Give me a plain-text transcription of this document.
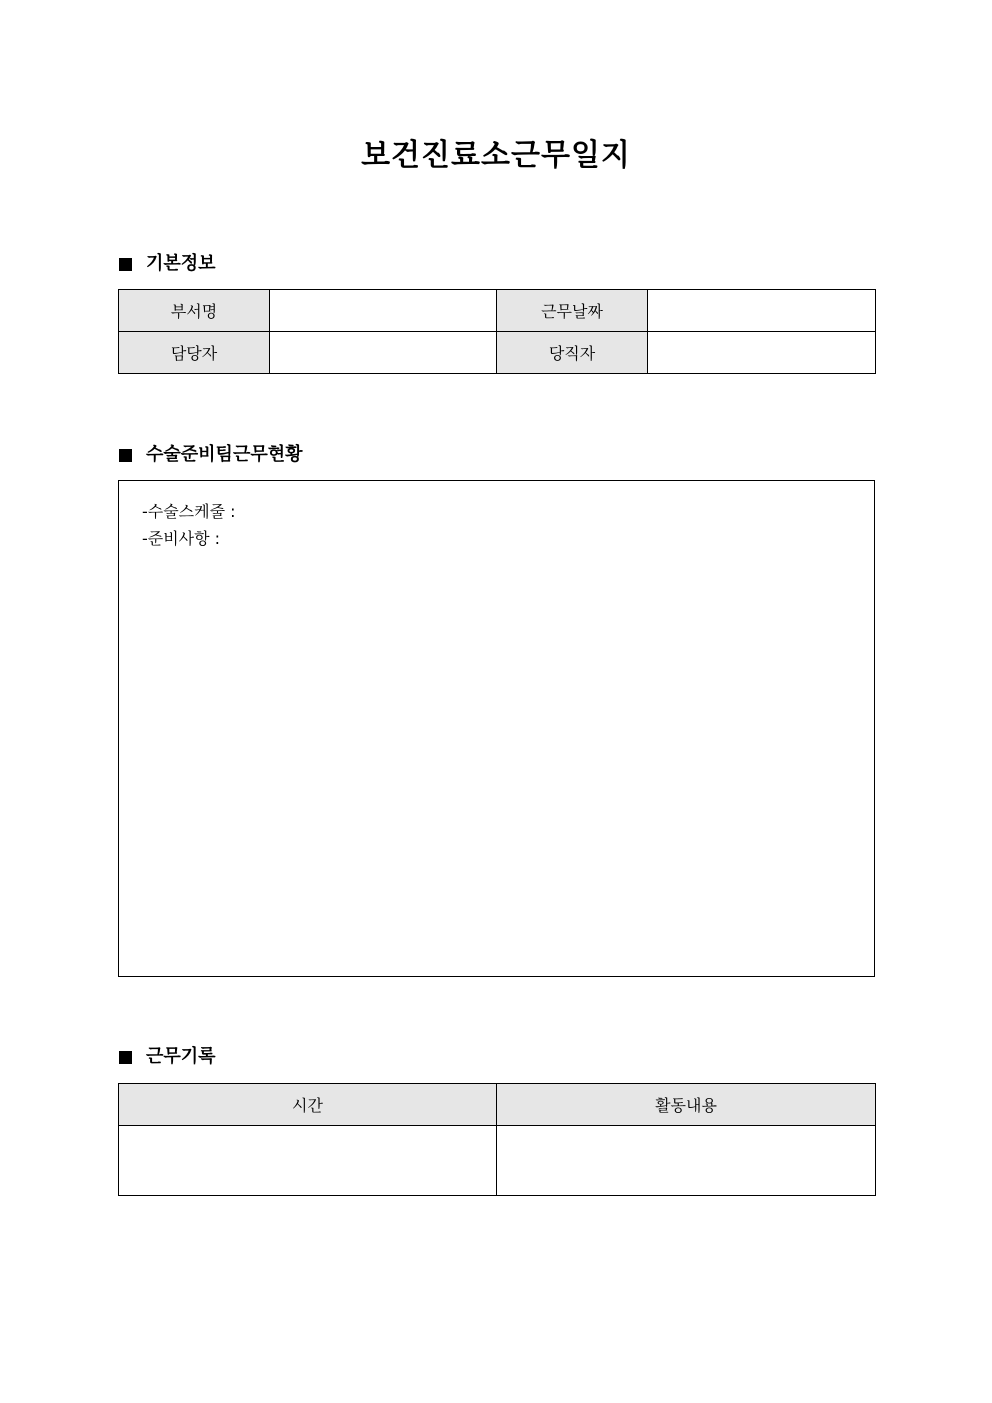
보건진료소근무일지
기본정보
부서명		근무날짜	
담당자		당직자	
수술준비팀근무현황
-수술스케줄 :
-준비사항 :
근무기록
시간	활동내용
